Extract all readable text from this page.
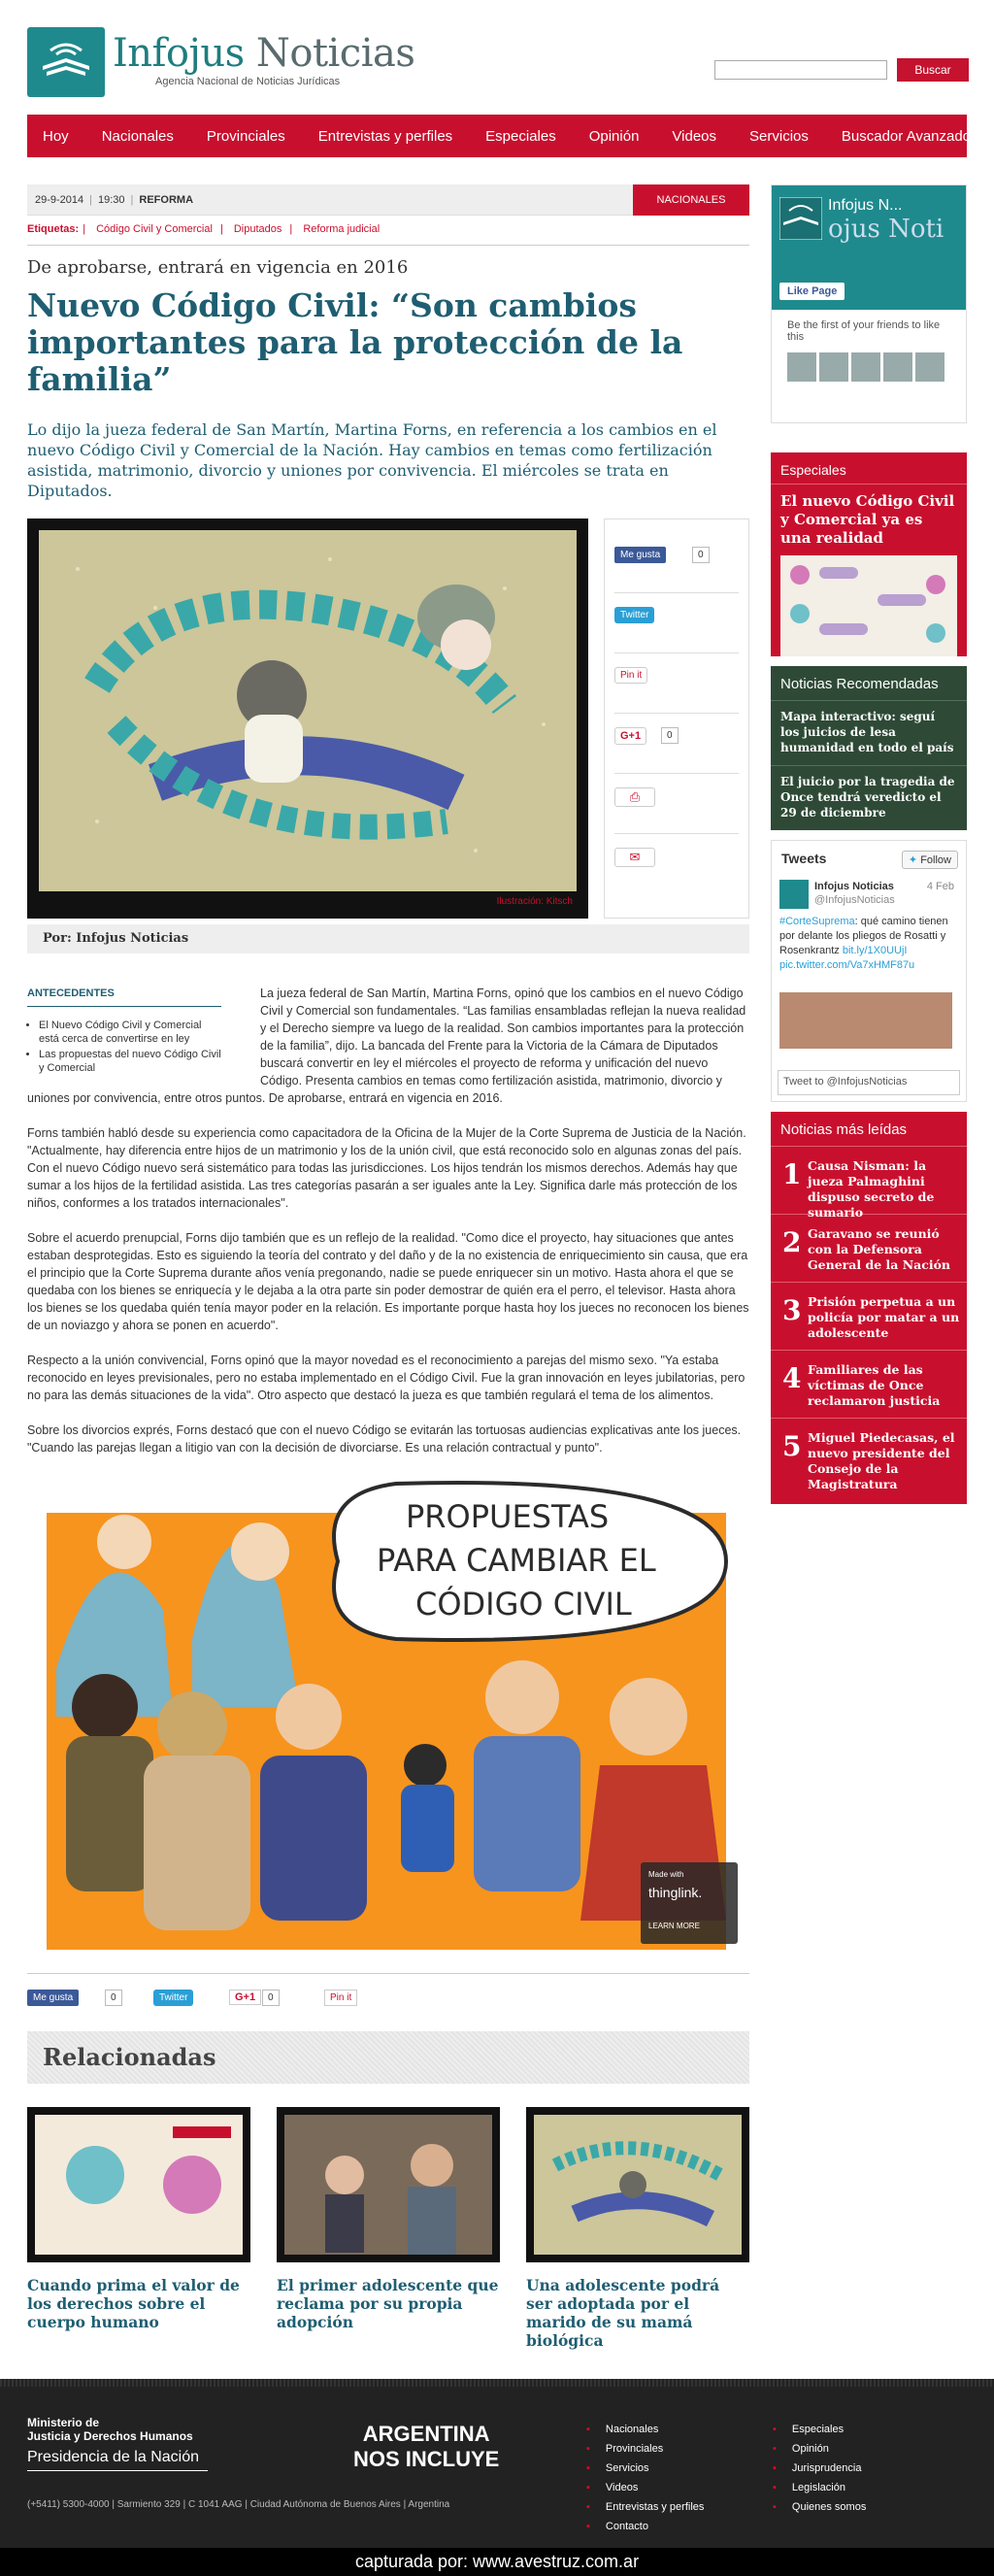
Infojus Noticias
Agencia Nacional de Noticias Jurídicas
Buscar
Hoy Nacionales Provinciales Entrevistas y perfiles Especiales Opinión Videos Servicios Buscador Avanzado
29-9-2014 | 19:30 | REFORMA	NACIONALES
Etiquetas: | Código Civil y Comercial | Diputados | Reforma judicial
De aprobarse, entrará en vigencia en 2016
Nuevo Código Civil: “Son cambios importantes para la protección de la familia”
Lo dijo la jueza federal de San Martín, Martina Forns, en referencia a los cambios en el nuevo Código Civil y Comercial de la Nación. Hay cambios en temas como fertilización asistida, matrimonio, divorcio y uniones por convivencia. El miércoles se trata en Diputados.
Ilustración: Kitsch
Me gusta	0
Twitter
Pin it
G+1	0
⎙
✉
Por: Infojus Noticias
ANTECEDENTES
• El Nuevo Código Civil y Comercial está cerca de convertirse en ley
• Las propuestas del nuevo Código Civil y Comercial

La jueza federal de San Martín, Martina Forns, opinó que los cambios en el nuevo Código Civil y Comercial son fundamentales. “Las familias ensambladas reflejan la nueva realidad y el Derecho siempre va luego de la realidad. Son cambios importantes para la protección de la familia”, dijo. La bancada del Frente para la Victoria de la Cámara de Diputados buscará convertir en ley el miércoles el proyecto de reforma y unificación del nuevo Código. Presenta cambios en temas como fertilización asistida, matrimonio, divorcio y uniones por convivencia, entre otros puntos. De aprobarse, entrará en vigencia en 2016.

Forns también habló desde su experiencia como capacitadora de la Oficina de la Mujer de la Corte Suprema de Justicia de la Nación. "Actualmente, hay diferencia entre hijos de un matrimonio y los de la unión civil, que está reconocido solo en algunas zonas del país. Con el nuevo Código nuevo será sistemático para todas las jurisdicciones. Los hijos tendrán los mismos derechos. Además hay que sumar a los hijos de la fertilidad asistida. Las tres categorías pasarán a ser iguales ante la Ley. Significa darle más protección de los niños, conformes a los tratados internacionales".

Sobre el acuerdo prenupcial, Forns dijo también que es un reflejo de la realidad. "Como dice el proyecto, hay situaciones que antes estaban desprotegidas. Esto es siguiendo la teoría del contrato y del daño y de la no existencia de enriquecimiento sin causa, que era el principio que la Corte Suprema durante años venía pregonando, nadie se puede enriquecer sin un motivo. Hasta ahora el que se quedaba con los bienes se enriquecía y le dejaba a la otra parte sin poder demostrar de quién era el perro, el televisor. Hasta ahora los bienes se los quedaba quién tenía mayor poder en la relación. Es importante porque hasta hoy los jueces no reconocen los bienes de un noviazgo y ahora se ponen en acuerdo".

Respecto a la unión convivencial, Forns opinó que la mayor novedad es el reconocimiento a parejas del mismo sexo. "Ya estaba reconocido en leyes previsionales, pero no estaba implementado en el Código Civil. Fue la gran innovación en leyes jubilatorias, pero no para las demás situaciones de la vida". Otro aspecto que destacó la jueza es que también regulará el tema de los alimentos.

Sobre los divorcios exprés, Forns destacó que con el nuevo Código se evitarán las tortuosas audiencias explicativas ante los jueces. "Cuando las parejas llegan a litigio van con la decisión de divorciarse. Es una relación contractual y punto".

PROPUESTAS
PARA CAMBIAR EL
CÓDIGO CIVIL
Made with
thinglink.
LEARN MORE
Me gusta	0	Twitter	G+1	0	Pin it
Relacionadas
Cuando prima el valor de los derechos sobre el cuerpo humano
El primer adolescente que reclama por su propia adopción
Una adolescente podrá ser adoptada por el marido de su mamá biológica
Infojus N...
ojus Noti
Like Page
Be the first of your friends to like this
Especiales
El nuevo Código Civil y Comercial ya es una realidad
Noticias Recomendadas
Mapa interactivo: seguí los juicios de lesa humanidad en todo el país
El juicio por la tragedia de Once tendrá veredicto el 29 de diciembre
Tweets	✦ Follow
Infojus Noticias
@InfojusNoticias
4 Feb
#CorteSuprema: qué camino tienen por delante los pliegos de Rosatti y Rosenkrantz bit.ly/1X0UUjI pic.twitter.com/Va7xHMF87u
Tweet to @InfojusNoticias
Noticias más leídas
1 Causa Nisman: la jueza Palmaghini dispuso secreto de sumario
2 Garavano se reunió con la Defensora General de la Nación
3 Prisión perpetua a un policía por matar a un adolescente
4 Familiares de las víctimas de Once reclamaron justicia
5 Miguel Piedecasas, el nuevo presidente del Consejo de la Magistratura
Ministerio de
Justicia y Derechos Humanos
Presidencia de la Nación
(+5411) 5300-4000 | Sarmiento 329 | C 1041 AAG | Ciudad Autónoma de Buenos Aires | Argentina
ARGENTINA
NOS INCLUYE
▪ Nacionales
▪ Provinciales
▪ Servicios
▪ Videos
▪ Entrevistas y perfiles
▪ Contacto
▪ Especiales
▪ Opinión
▪ Jurisprudencia
▪ Legislación
▪ Quienes somos
capturada por: www.avestruz.com.ar
